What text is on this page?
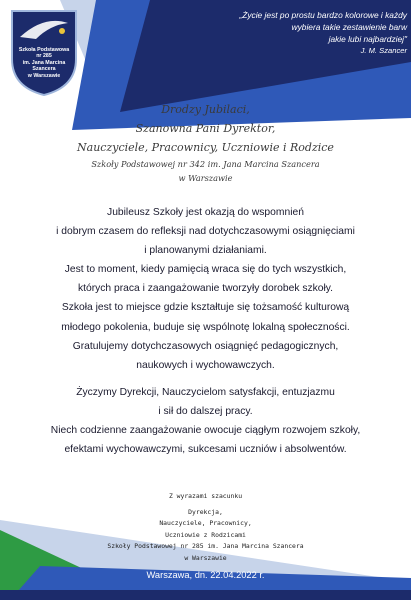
Szkoła Podstawowa
nr 285
im. Jana Marcina
Szancera
w Warszawie
„Życie jest po prostu bardzo kolorowe i każdy
wybiera takie zestawienie barw
jakie lubi najbardziej"
J. M. Szancer
Drodzy Jubilaci,
Szanowna Pani Dyrektor,
Nauczyciele, Pracownicy, Uczniowie i Rodzice
Szkoły Podstawowej nr 342 im. Jana Marcina Szancera
w Warszawie

Jubileusz Szkoły jest okazją do wspomnień
i dobrym czasem do refleksji nad dotychczasowymi osiągnięciami
i planowanymi działaniami.
Jest to moment, kiedy pamięcią wraca się do tych wszystkich,
których praca i zaangażowanie tworzyły dorobek szkoły.
Szkoła jest to miejsce gdzie kształtuje się tożsamość kulturową
młodego pokolenia, buduje się wspólnotę lokalną społeczności.
Gratulujemy dotychczasowych osiągnięć pedagogicznych,
naukowych i wychowawczych.

Życzymy Dyrekcji, Nauczycielom satysfakcji, entuzjazmu
i sił do dalszej pracy.
Niech codzienne zaangażowanie owocuje ciągłym rozwojem szkoły,
efektami wychowawczymi, sukcesami uczniów i absolwentów.

Z wyrazami szacunku
Dyrekcja,
Nauczyciele, Pracownicy,
Uczniowie z Rodzicami
Szkoły Podstawowej nr 285 im. Jana Marcina Szancera
w Warszawie
Warszawa, dn. 22.04.2022 r.
